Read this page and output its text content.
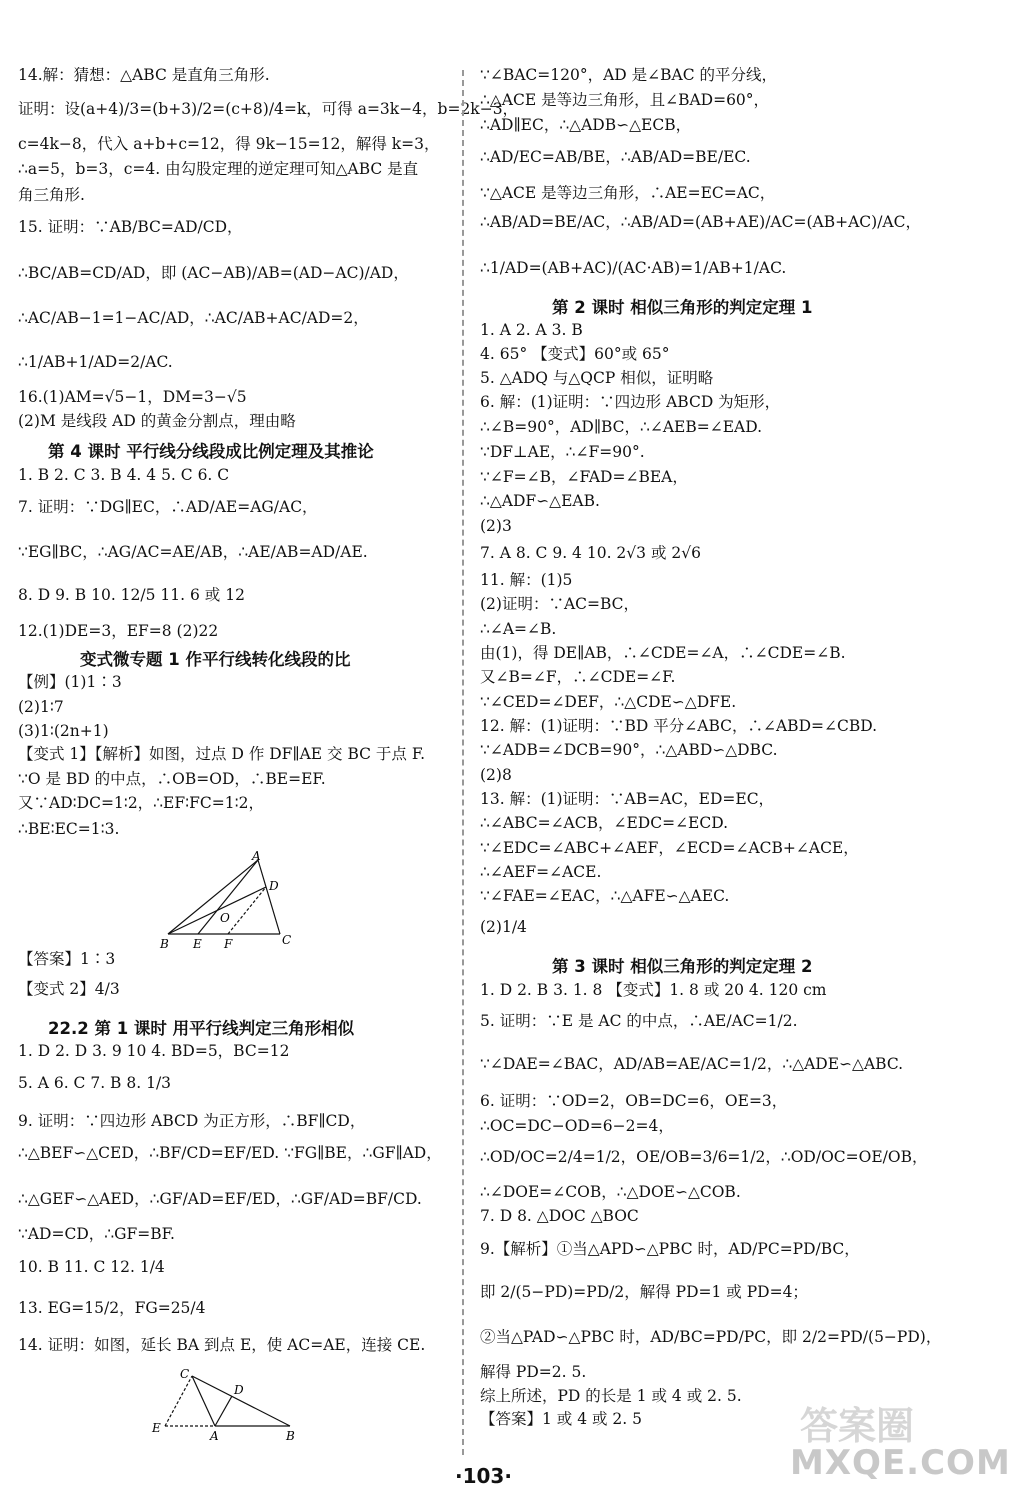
14.解：猜想：△ABC 是直角三角形.
证明：设(a+4)/3=(b+3)/2=(c+8)/4=k，可得 a=3k−4，b=2k−3，
c=4k−8，代入 a+b+c=12，得 9k−15=12，解得 k=3，
∴a=5，b=3，c=4. 由勾股定理的逆定理可知△ABC 是直
角三角形.
15. 证明：∵AB/BC=AD/CD，
∴BC/AB=CD/AD，即 (AC−AB)/AB=(AD−AC)/AD，
∴AC/AB−1=1−AC/AD，∴AC/AB+AC/AD=2，
∴1/AB+1/AD=2/AC.
16.(1)AM=√5−1，DM=3−√5
(2)M 是线段 AD 的黄金分割点，理由略
1. B 2. C 3. B 4. 4 5. C 6. C
7. 证明：∵DG∥EC，∴AD/AE=AG/AC，
∵EG∥BC，∴AG/AC=AE/AB，∴AE/AB=AD/AE.
8. D 9. B 10. 12/5 11. 6 或 12
12.(1)DE=3，EF=8 (2)22
【例】(1)1∶3
(2)1∶7
(3)1∶(2n+1)
【变式 1】【解析】如图，过点 D 作 DF∥AE 交 BC 于点 F.
∵O 是 BD 的中点，∴OB=OD，∴BE=EF.
又∵AD∶DC=1∶2，∴EF∶FC=1∶2，
∴BE∶EC=1∶3.
【答案】1∶3
【变式 2】4/3
1. D 2. D 3. 9 10 4. BD=5，BC=12
5. A 6. C 7. B 8. 1/3
9. 证明：∵四边形 ABCD 为正方形，∴BF∥CD，
∴△BEF∽△CED，∴BF/CD=EF/ED. ∵FG∥BE，∴GF∥AD，
∴△GEF∽△AED，∴GF/AD=EF/ED，∴GF/AD=BF/CD.
∵AD=CD，∴GF=BF.
10. B 11. C 12. 1/4
13. EG=15/2，FG=25/4
14. 证明：如图，延长 BA 到点 E，使 AC=AE，连接 CE.
第 4 课时 平行线分线段成比例定理及其推论
变式微专题 1 作平行线转化线段的比
22.2 第 1 课时 用平行线判定三角形相似
∵∠BAC=120°，AD 是∠BAC 的平分线，
∴△ACE 是等边三角形，且∠BAD=60°，
∴AD∥EC，∴△ADB∽△ECB，
∴AD/EC=AB/BE，∴AB/AD=BE/EC.
∵△ACE 是等边三角形，∴AE=EC=AC，
∴AB/AD=BE/AC，∴AB/AD=(AB+AE)/AC=(AB+AC)/AC，
∴1/AD=(AB+AC)/(AC·AB)=1/AB+1/AC.
1. A 2. A 3. B
4. 65° 【变式】60°或 65°
5. △ADQ 与△QCP 相似，证明略
6. 解：(1)证明：∵四边形 ABCD 为矩形，
∴∠B=90°，AD∥BC，∴∠AEB=∠EAD.
∵DF⊥AE，∴∠F=90°.
∵∠F=∠B，∠FAD=∠BEA，
∴△ADF∽△EAB.
(2)3
7. A 8. C 9. 4 10. 2√3 或 2√6
11. 解：(1)5
(2)证明：∵AC=BC，
∴∠A=∠B.
由(1)，得 DE∥AB，∴∠CDE=∠A，∴∠CDE=∠B.
又∠B=∠F，∴∠CDE=∠F.
∵∠CED=∠DEF，∴△CDE∽△DFE.
12. 解：(1)证明：∵BD 平分∠ABC，∴∠ABD=∠CBD.
∵∠ADB=∠DCB=90°，∴△ABD∽△DBC.
(2)8
13. 解：(1)证明：∵AB=AC，ED=EC，
∴∠ABC=∠ACB，∠EDC=∠ECD.
∵∠EDC=∠ABC+∠AEF，∠ECD=∠ACB+∠ACE，
∴∠AEF=∠ACE.
∵∠FAE=∠EAC，∴△AFE∽△AEC.
(2)1/4
1. D 2. B 3. 1. 8 【变式】1. 8 或 20 4. 120 cm
5. 证明：∵E 是 AC 的中点，∴AE/AC=1/2.
∵∠DAE=∠BAC，AD/AB=AE/AC=1/2，∴△ADE∽△ABC.
6. 证明：∵OD=2，OB=DC=6，OE=3，
∴OC=DC−OD=6−2=4，
∴OD/OC=2/4=1/2，OE/OB=3/6=1/2，∴OD/OC=OE/OB，
∴∠DOE=∠COB，∴△DOE∽△COB.
7. D 8. △DOC △BOC
9.【解析】①当△APD∽△PBC 时，AD/PC=PD/BC，
即 2/(5−PD)=PD/2，解得 PD=1 或 PD=4；
②当△PAD∽△PBC 时，AD/BC=PD/PC，即 2/2=PD/(5−PD)，
解得 PD=2. 5.
综上所述，PD 的长是 1 或 4 或 2. 5.
【答案】1 或 4 或 2. 5
第 2 课时 相似三角形的判定定理 1
第 3 课时 相似三角形的判定定理 2
A
D
O
B E F	C
C
D
E
A	B
·103·
答案圈
MXQE.COM
